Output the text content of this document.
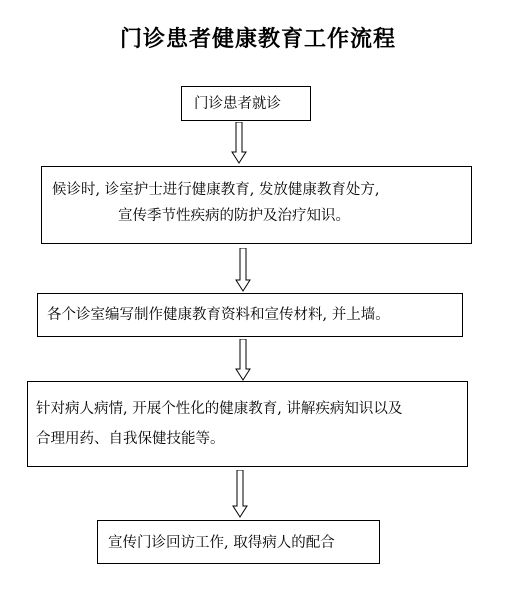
门诊患者健康教育工作流程
门诊患者就诊
候诊时, 诊室护士进行健康教育, 发放健康教育处方,
宣传季节性疾病的防护及治疗知识。
各个诊室编写制作健康教育资料和宣传材料, 并上墙。
针对病人病情, 开展个性化的健康教育, 讲解疾病知识以及
合理用药、自我保健技能等。
宣传门诊回访工作, 取得病人的配合
